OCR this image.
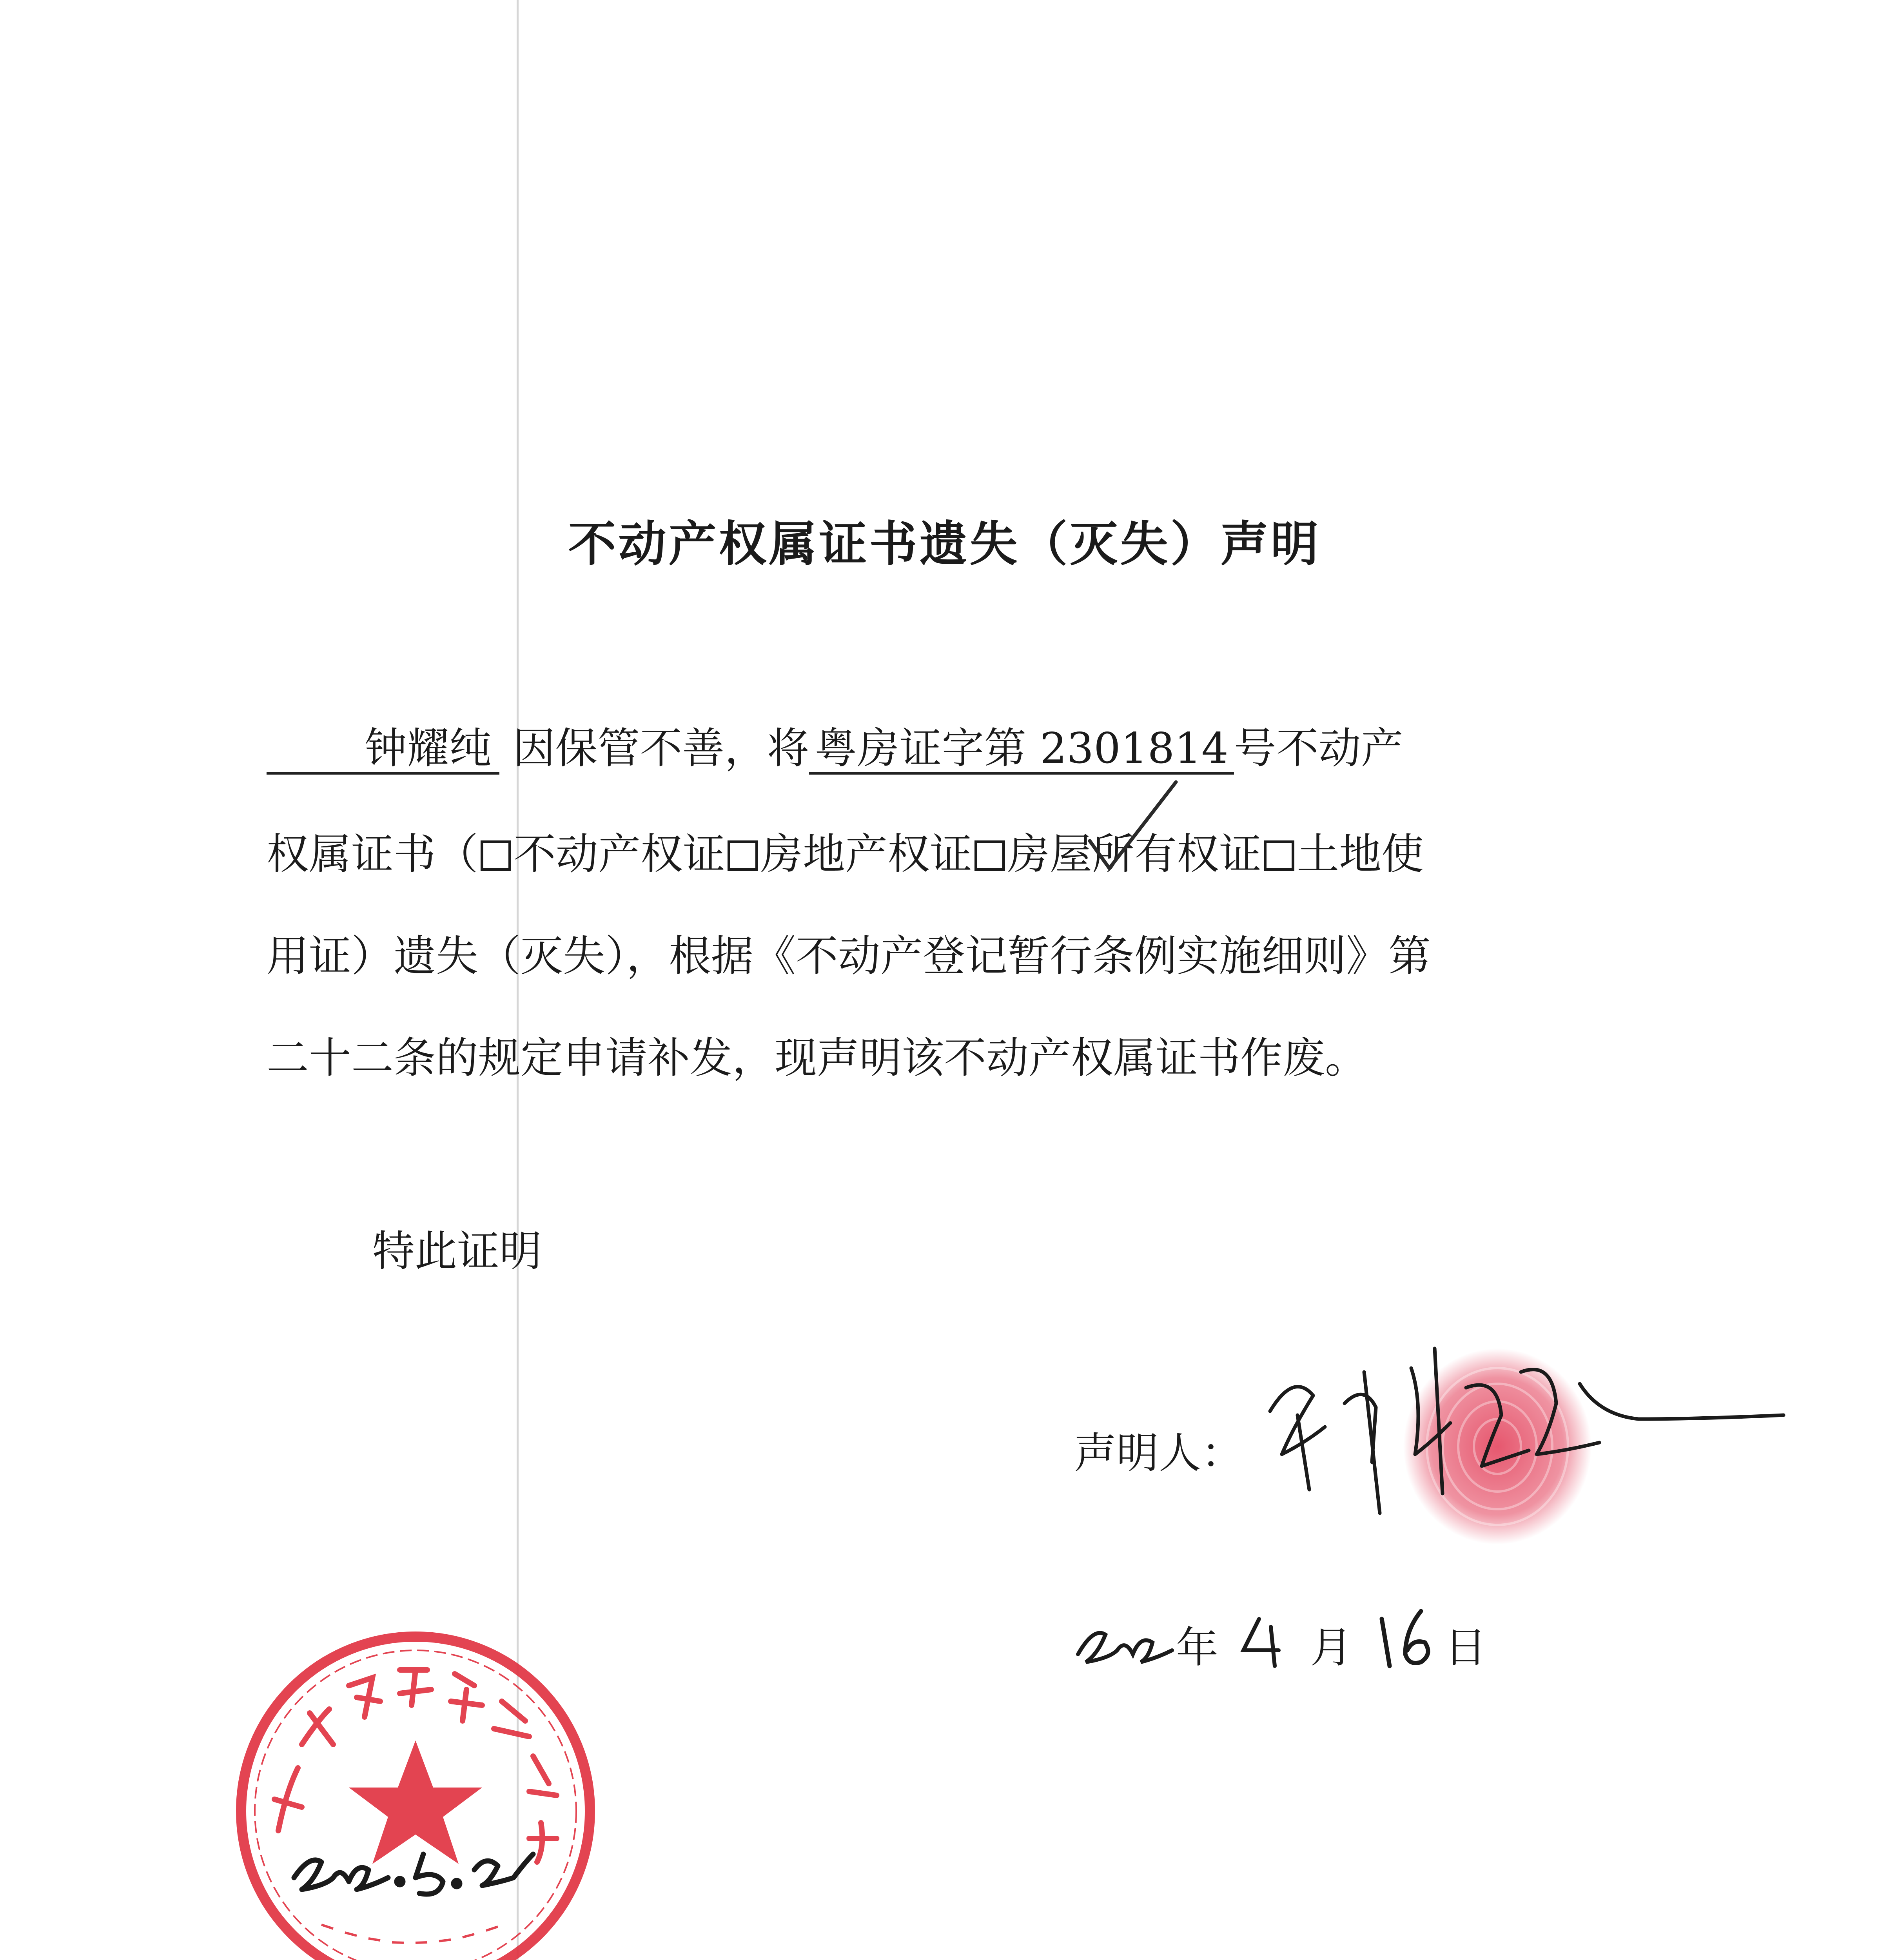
不动产权属证书遗失（灭失）声明
钟耀纯 因保管不善，将 粤房证字第 2301814号不动产
权属证书（ 不动产权证 房地产权证 房屋所有权证 土地使
用证）遗失（灭失），根据《不动产登记暂行条例实施细则》第
二十二条的规定申请补发，现声明该不动产权属证书作废。
特此证明
声明人：
年 月 日
